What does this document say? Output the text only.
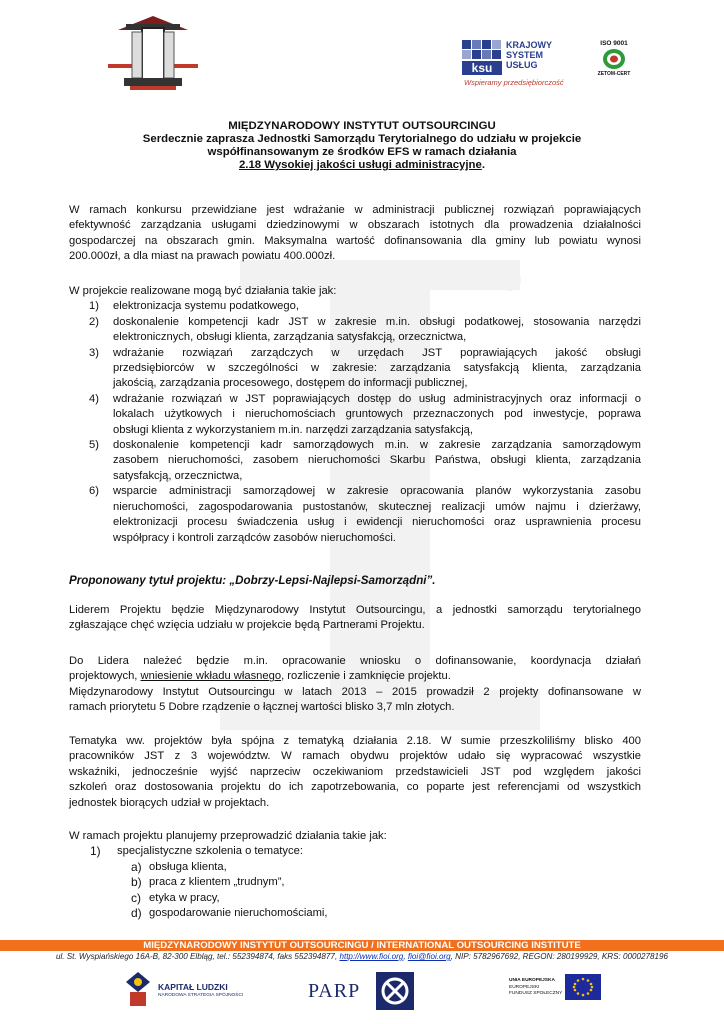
ksu
KRAJOWY
SYSTEM
USŁUG
Wspieramy przedsiębiorczość
ISO 9001
ZETOM-CERT
MIĘDZYNARODOWY INSTYTUT OUTSOURCINGU
Serdecznie zaprasza Jednostki Samorządu Terytorialnego do udziału w projekcie
współfinansowanym ze środków EFS w ramach działania
2.18 Wysokiej jakości usługi administracyjne.
W ramach konkursu przewidziane jest wdrażanie w administracji publicznej rozwiązań poprawiających
efektywność zarządzania usługami dziedzinowymi w obszarach istotnych dla prowadzenia działalności
gospodarczej na obszarach gmin. Maksymalna wartość dofinansowania dla gminy lub powiatu wynosi
200.000zł, a dla miast na prawach powiatu 400.000zł.
W projekcie realizowane mogą być działania takie jak:
1) elektronizacja systemu podatkowego,
2) doskonalenie kompetencji kadr JST w zakresie m.in. obsługi podatkowej, stosowania narzędzi
elektronicznych, obsługi klienta, zarządzania satysfakcją, orzecznictwa,
3) wdrażanie rozwiązań zarządczych w urzędach JST poprawiających jakość obsługi
przedsiębiorców w szczególności w zakresie: zarządzania satysfakcją klienta, zarządzania
jakością, zarządzania procesowego, dostępem do informacji publicznej,
4) wdrażanie rozwiązań w JST poprawiających dostęp do usług administracyjnych oraz informacji o
lokalach użytkowych i nieruchomościach gruntowych przeznaczonych pod inwestycje, poprawa
obsługi klienta z wykorzystaniem m.in. narzędzi zarządzania satysfakcją,
5) doskonalenie kompetencji kadr samorządowych m.in. w zakresie zarządzania samorządowym
zasobem nieruchomości, zasobem nieruchomości Skarbu Państwa, obsługi klienta, zarządzania
satysfakcją, orzecznictwa,
6) wsparcie administracji samorządowej w zakresie opracowania planów wykorzystania zasobu
nieruchomości, zagospodarowania pustostanów, skutecznej realizacji umów najmu i dzierżawy,
elektronizacji procesu świadczenia usług i ewidencji nieruchomości oraz usprawnienia procesu
współpracy i kontroli zarządców zasobów nieruchomości.
Proponowany tytuł projektu: „Dobrzy-Lepsi-Najlepsi-Samorządni”.
Liderem Projektu będzie Międzynarodowy Instytut Outsourcingu, a jednostki samorządu terytorialnego
zgłaszające chęć wzięcia udziału w projekcie będą Partnerami Projektu.
Do Lidera należeć będzie m.in. opracowanie wniosku o dofinansowanie, koordynacja działań
projektowych, wniesienie wkładu własnego, rozliczenie i zamknięcie projektu.
Międzynarodowy Instytut Outsourcingu w latach 2013 – 2015 prowadził 2 projekty dofinansowane w
ramach priorytetu 5 Dobre rządzenie o łącznej wartości blisko 3,7 mln złotych.
Tematyka ww. projektów była spójna z tematyką działania 2.18. W sumie przeszkoliliśmy blisko 400
pracowników JST z 3 województw. W ramach obydwu projektów udało się wypracować wszystkie
wskaźniki, jednocześnie wyjść naprzeciw oczekiwaniom przedstawicieli JST pod względem jakości
szkoleń oraz dostosowania projektu do ich zapotrzebowania, co poparte jest referencjami od wszystkich
jednostek biorących udział w projektach.
W ramach projektu planujemy przeprowadzić działania takie jak:
1) specjalistyczne szkolenia o tematyce:
a) obsługa klienta,
b) praca z klientem „trudnym”,
c) etyka w pracy,
d) gospodarowanie nieruchomościami,
MIĘDZYNARODOWY INSTYTUT OUTSOURCINGU / INTERNATIONAL OUTSOURCING INSTITUTE
ul. St. Wyspiańskiego 16A-B, 82-300 Elbląg, tel.: 552394874, faks 552394877, http://www.fioi.org, fioi@fioi.org, NIP: 5782967692, REGON: 280199929, KRS: 0000278196
KAPITAŁ LUDZKI
NARODOWA STRATEGIA SPÓJNOŚCI	PARP	UNIA EUROPEJSKA
EUROPEJSKI
FUNDUSZ SPOŁECZNY
